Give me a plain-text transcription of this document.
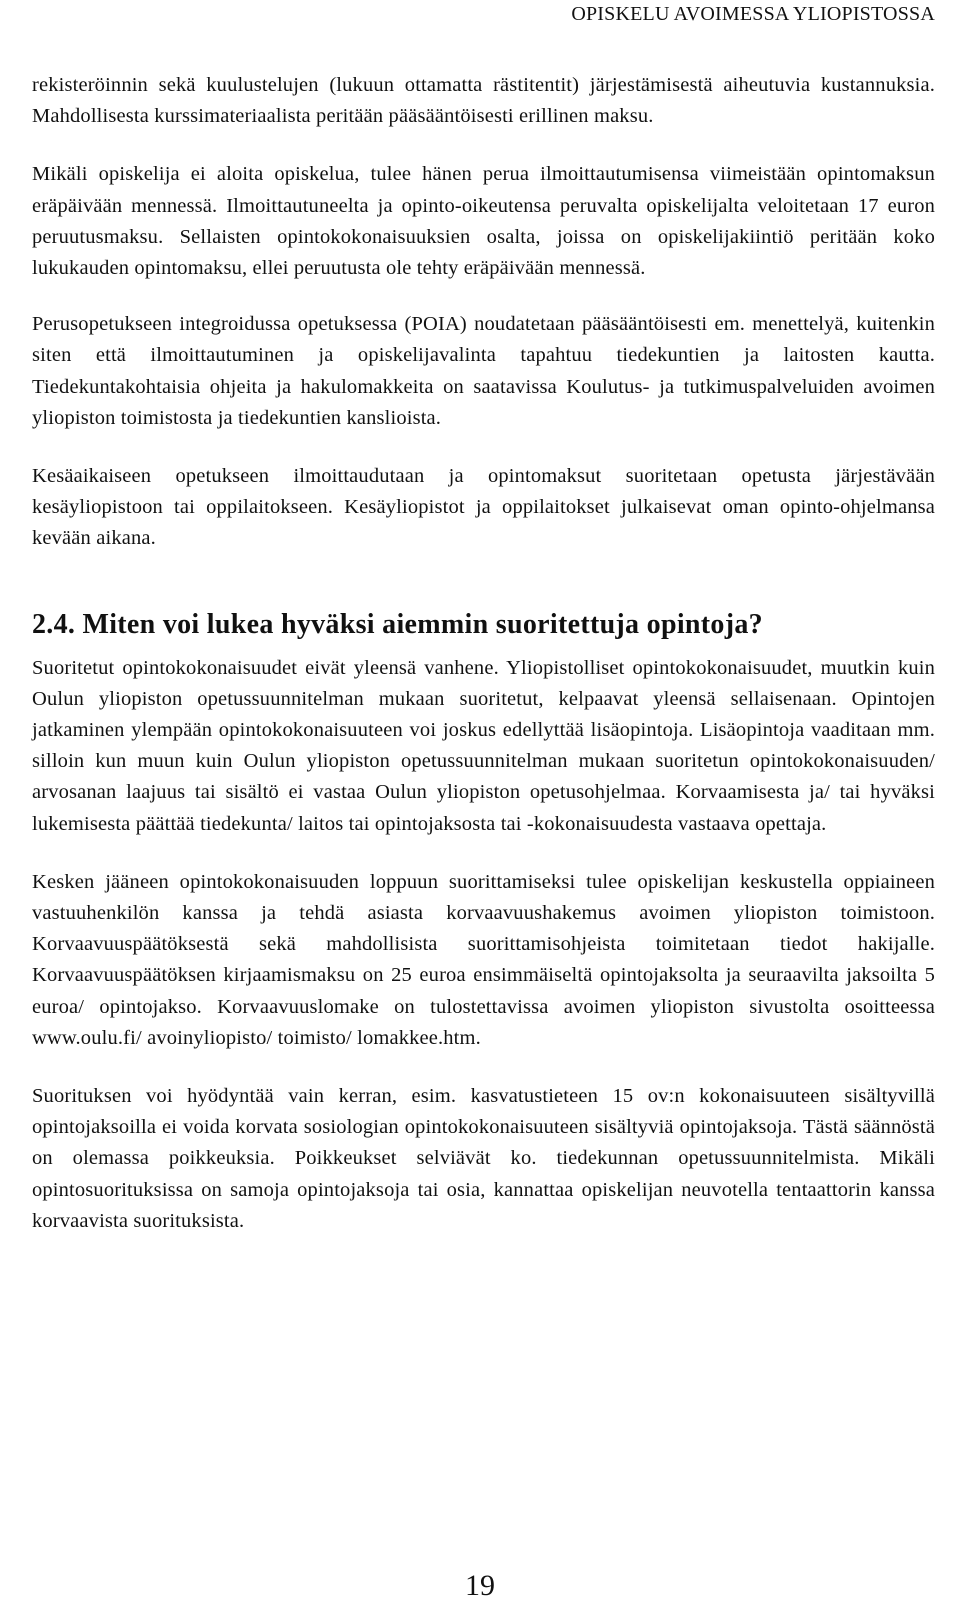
OPISKELU AVOIMESSA YLIOPISTOSSA

rekisteröinnin sekä kuulustelujen (lukuun ottamatta rästitentit) järjestämisestä aiheutuvia kustannuksia. Mahdollisesta kurssimateriaalista peritään pääsääntöisesti erillinen maksu.

Mikäli opiskelija ei aloita opiskelua, tulee hänen perua ilmoittautumisensa viimeistään opintomaksun eräpäivään mennessä. Ilmoittautuneelta ja opinto-oikeutensa peruvalta opiskelijalta veloitetaan 17 euron peruutusmaksu. Sellaisten opintokokonaisuuksien osalta, joissa on opiskelijakiintiö peritään koko lukukauden opintomaksu, ellei peruutusta ole tehty eräpäivään mennessä.

Perusopetukseen integroidussa opetuksessa (POIA) noudatetaan pääsääntöisesti em. menettelyä, kuitenkin siten että ilmoittautuminen ja opiskelijavalinta tapahtuu tiedekuntien ja laitosten kautta. Tiedekuntakohtaisia ohjeita ja hakulomakkeita on saatavissa Koulutus- ja tutkimuspalveluiden avoimen yliopiston toimistosta ja tiedekuntien kanslioista.

Kesäaikaiseen opetukseen ilmoittaudutaan ja opintomaksut suoritetaan opetusta järjestävään kesäyliopistoon tai oppilaitokseen. Kesäyliopistot ja oppilaitokset julkaisevat oman opinto-ohjelmansa kevään aikana.

2.4. Miten voi lukea hyväksi aiemmin suoritettuja opintoja?

Suoritetut opintokokonaisuudet eivät yleensä vanhene. Yliopistolliset opintokokonaisuudet, muutkin kuin Oulun yliopiston opetussuunnitelman mukaan suoritetut, kelpaavat yleensä sellaisenaan. Opintojen jatkaminen ylempään opintokokonaisuuteen voi joskus edellyttää lisäopintoja. Lisäopintoja vaaditaan mm. silloin kun muun kuin Oulun yliopiston opetussuunnitelman mukaan suoritetun opintokokonaisuuden/ arvosanan laajuus tai sisältö ei vastaa Oulun yliopiston opetusohjelmaa. Korvaamisesta ja/ tai hyväksi lukemisesta päättää tiedekunta/ laitos tai opintojaksosta tai -kokonaisuudesta vastaava opettaja.

Kesken jääneen opintokokonaisuuden loppuun suorittamiseksi tulee opiskelijan keskustella oppiaineen vastuuhenkilön kanssa ja tehdä asiasta korvaavuushakemus avoimen yliopiston toimistoon. Korvaavuuspäätöksestä sekä mahdollisista suorittamisohjeista toimitetaan tiedot hakijalle. Korvaavuuspäätöksen kirjaamismaksu on 25 euroa ensimmäiseltä opintojaksolta ja seuraavilta jaksoilta 5 euroa/ opintojakso. Korvaavuuslomake on tulostettavissa avoimen yliopiston sivustolta osoitteessa www.oulu.fi/ avoinyliopisto/ toimisto/ lomakkee.htm.

Suorituksen voi hyödyntää vain kerran, esim. kasvatustieteen 15 ov:n kokonaisuuteen sisältyvillä opintojaksoilla ei voida korvata sosiologian opintokokonaisuuteen sisältyviä opintojaksoja. Tästä säännöstä on olemassa poikkeuksia. Poikkeukset selviävät ko. tiedekunnan opetussuunnitelmista. Mikäli opintosuorituksissa on samoja opintojaksoja tai osia, kannattaa opiskelijan neuvotella tentaattorin kanssa korvaavista suorituksista.

19
